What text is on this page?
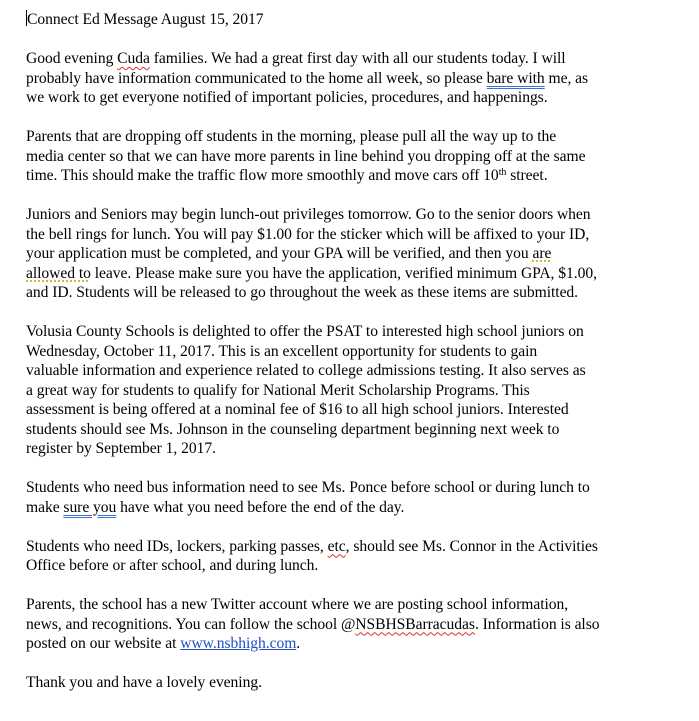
Connect Ed Message August 15, 2017
Good evening Cuda families. We had a great first day with all our students today. I will
probably have information communicated to the home all week, so please bare with me, as
we work to get everyone notified of important policies, procedures, and happenings.
Parents that are dropping off students in the morning, please pull all the way up to the
media center so that we can have more parents in line behind you dropping off at the same
time. This should make the traffic flow more smoothly and move cars off 10th street.
Juniors and Seniors may begin lunch-out privileges tomorrow. Go to the senior doors when
the bell rings for lunch. You will pay $1.00 for the sticker which will be affixed to your ID,
your application must be completed, and your GPA will be verified, and then you are
allowed to leave. Please make sure you have the application, verified minimum GPA, $1.00,
and ID. Students will be released to go throughout the week as these items are submitted.
Volusia County Schools is delighted to offer the PSAT to interested high school juniors on
Wednesday, October 11, 2017. This is an excellent opportunity for students to gain
valuable information and experience related to college admissions testing. It also serves as
a great way for students to qualify for National Merit Scholarship Programs. This
assessment is being offered at a nominal fee of $16 to all high school juniors. Interested
students should see Ms. Johnson in the counseling department beginning next week to
register by September 1, 2017.
Students who need bus information need to see Ms. Ponce before school or during lunch to
make sure you have what you need before the end of the day.
Students who need IDs, lockers, parking passes, etc, should see Ms. Connor in the Activities
Office before or after school, and during lunch.
Parents, the school has a new Twitter account where we are posting school information,
news, and recognitions. You can follow the school @NSBHSBarracudas. Information is also
posted on our website at www.nsbhigh.com.
Thank you and have a lovely evening.
